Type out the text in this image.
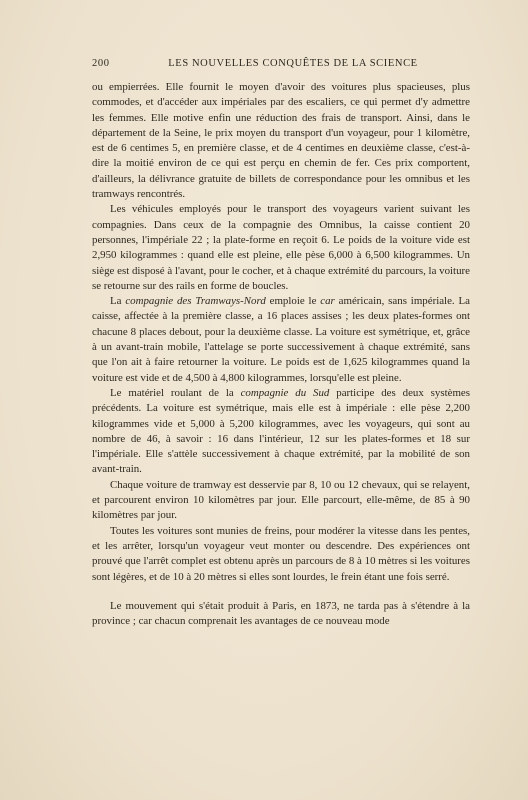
200	LES NOUVELLES CONQUÊTES DE LA SCIENCE

ou empierrées. Elle fournit le moyen d'avoir des voitures plus spacieuses, plus commodes, et d'accéder aux impériales par des escaliers, ce qui permet d'y admettre les femmes. Elle motive enfin une réduction des frais de transport. Ainsi, dans le département de la Seine, le prix moyen du transport d'un voyageur, pour 1 kilomètre, est de 6 centimes 5, en première classe, et de 4 centimes en deuxième classe, c'est-à-dire la moitié environ de ce qui est perçu en chemin de fer. Ces prix comportent, d'ailleurs, la délivrance gratuite de billets de correspondance pour les omnibus et les tramways rencontrés.

Les véhicules employés pour le transport des voyageurs varient suivant les compagnies. Dans ceux de la compagnie des Omnibus, la caisse contient 20 personnes, l'impériale 22 ; la plate-forme en reçoit 6. Le poids de la voiture vide est 2,950 kilogrammes : quand elle est pleine, elle pèse 6,000 à 6,500 kilogrammes. Un siège est disposé à l'avant, pour le cocher, et à chaque extrémité du parcours, la voiture se retourne sur des rails en forme de boucles.

La compagnie des Tramways-Nord emploie le car américain, sans impériale. La caisse, affectée à la première classe, a 16 places assises ; les deux plates-formes ont chacune 8 places debout, pour la deuxième classe. La voiture est symétrique, et, grâce à un avant-train mobile, l'attelage se porte successivement à chaque extrémité, sans que l'on ait à faire retourner la voiture. Le poids est de 1,625 kilogrammes quand la voiture est vide et de 4,500 à 4,800 kilogrammes, lorsqu'elle est pleine.

Le matériel roulant de la compagnie du Sud participe des deux systèmes précédents. La voiture est symétrique, mais elle est à impériale : elle pèse 2,200 kilogrammes vide et 5,000 à 5,200 kilogrammes, avec les voyageurs, qui sont au nombre de 46, à savoir : 16 dans l'intérieur, 12 sur les plates-formes et 18 sur l'impériale. Elle s'attèle successivement à chaque extrémité, par la mobilité de son avant-train.

Chaque voiture de tramway est desservie par 8, 10 ou 12 chevaux, qui se relayent, et parcourent environ 10 kilomètres par jour. Elle parcourt, elle-même, de 85 à 90 kilomètres par jour.

Toutes les voitures sont munies de freins, pour modérer la vitesse dans les pentes, et les arrêter, lorsqu'un voyageur veut monter ou descendre. Des expériences ont prouvé que l'arrêt complet est obtenu après un parcours de 8 à 10 mètres si les voitures sont légères, et de 10 à 20 mètres si elles sont lourdes, le frein étant une fois serré.

Le mouvement qui s'était produit à Paris, en 1873, ne tarda pas à s'étendre à la province ; car chacun comprenait les avantages de ce nouveau mode
